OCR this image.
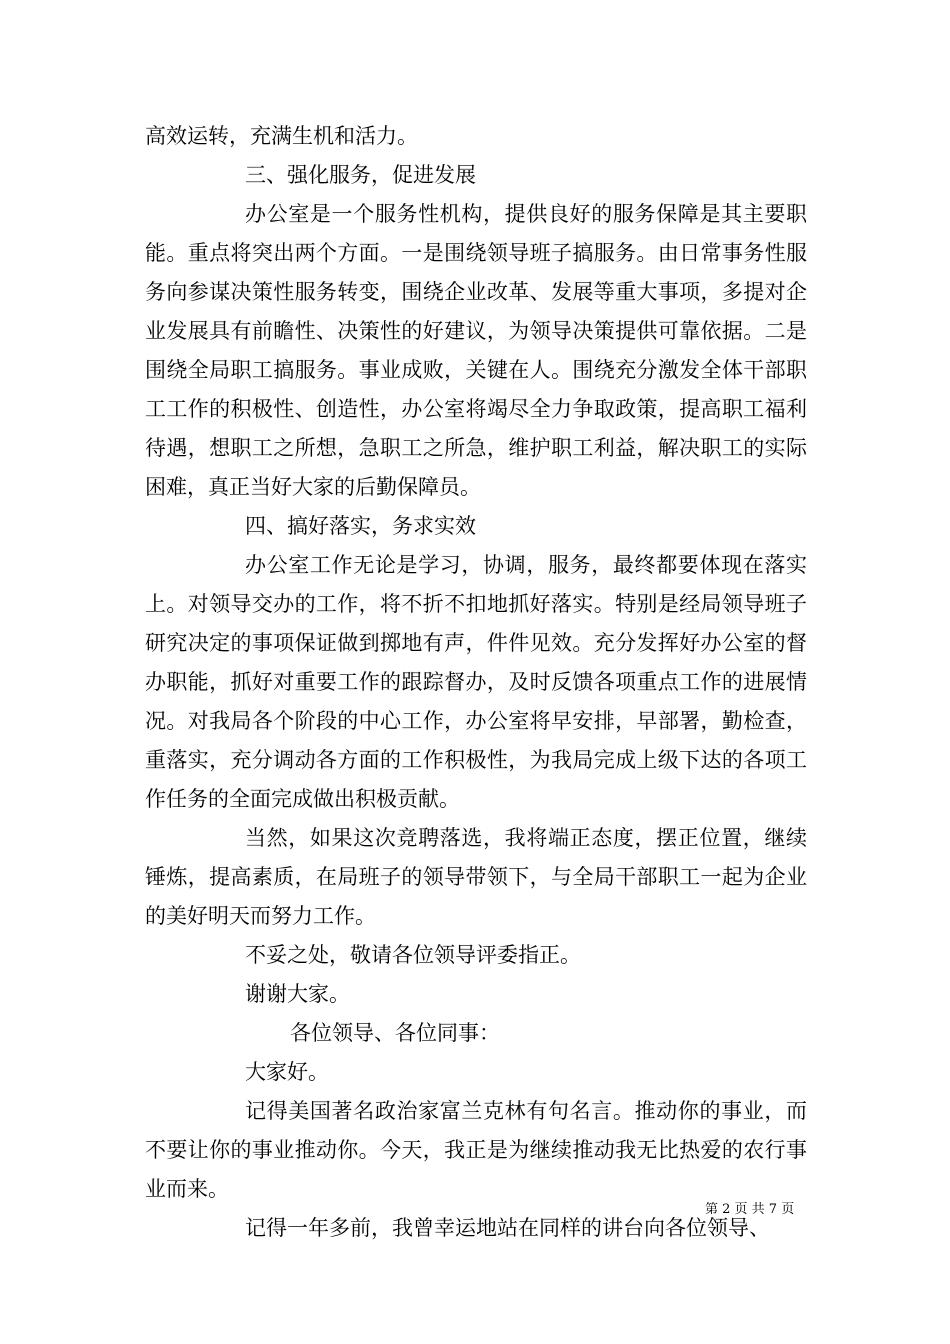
高效运转，充满生机和活力。

三、强化服务，促进发展

办公室是一个服务性机构，提供良好的服务保障是其主要职能。重点将突出两个方面。一是围绕领导班子搞服务。由日常事务性服务向参谋决策性服务转变，围绕企业改革、发展等重大事项，多提对企业发展具有前瞻性、决策性的好建议，为领导决策提供可靠依据。二是围绕全局职工搞服务。事业成败，关键在人。围绕充分激发全体干部职工工作的积极性、创造性，办公室将竭尽全力争取政策，提高职工福利待遇，想职工之所想，急职工之所急，维护职工利益，解决职工的实际困难，真正当好大家的后勤保障员。

四、搞好落实，务求实效

办公室工作无论是学习，协调，服务，最终都要体现在落实上。对领导交办的工作，将不折不扣地抓好落实。特别是经局领导班子研究决定的事项保证做到掷地有声，件件见效。充分发挥好办公室的督办职能，抓好对重要工作的跟踪督办，及时反馈各项重点工作的进展情况。对我局各个阶段的中心工作，办公室将早安排，早部署，勤检查，重落实，充分调动各方面的工作积极性，为我局完成上级下达的各项工作任务的全面完成做出积极贡献。

当然，如果这次竞聘落选，我将端正态度，摆正位置，继续锤炼，提高素质，在局班子的领导带领下，与全局干部职工一起为企业的美好明天而努力工作。

不妥之处，敬请各位领导评委指正。

谢谢大家。

各位领导、各位同事：

大家好。

记得美国著名政治家富兰克林有句名言。推动你的事业，而不要让你的事业推动你。今天，我正是为继续推动我无比热爱的农行事业而来。

记得一年多前，我曾幸运地站在同样的讲台向各位领导、

第 2 页 共 7 页
